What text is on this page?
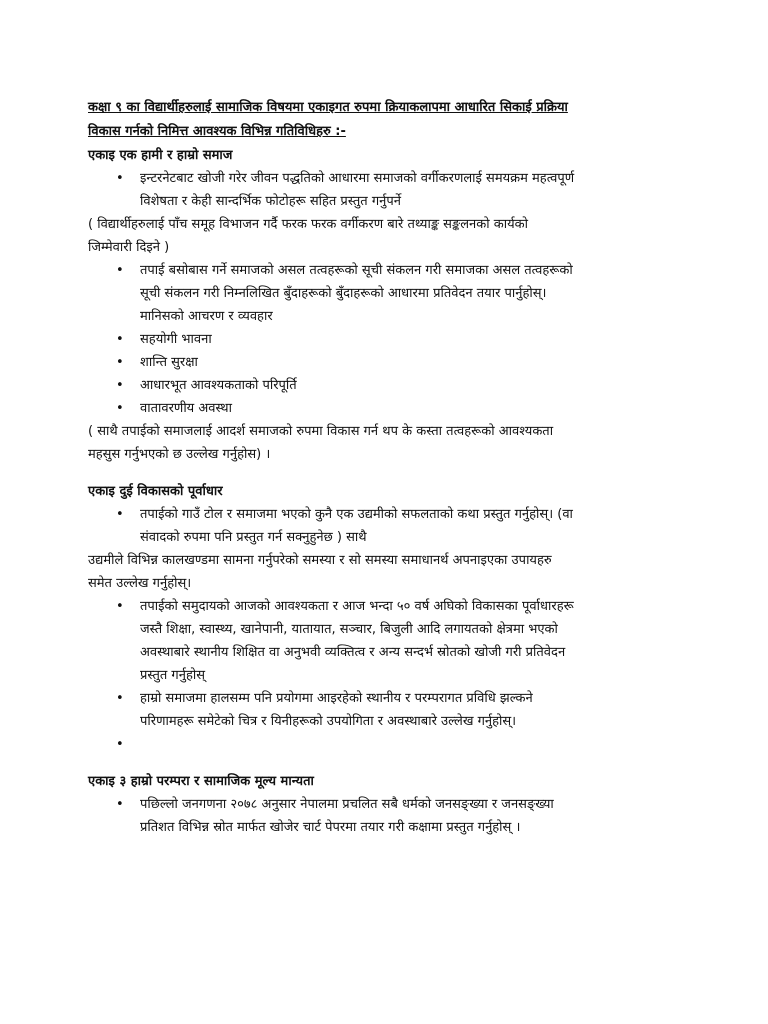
कक्षा ९ का विद्यार्थीहरुलाई सामाजिक विषयमा एकाइगत रुपमा क्रियाकलापमा आधारित सिकाई प्रक्रिया
विकास गर्नको निमित्त आवश्यक विभिन्न गतिविधिहरु :-
एकाइ एक हामी र हाम्रो समाज
• इन्टरनेटबाट खोजी गरेर जीवन पद्धतिको आधारमा समाजको वर्गीकरणलाई समयक्रम महत्वपूर्ण
विशेषता र केही सान्दर्भिक फोटोहरू सहित प्रस्तुत गर्नुपर्ने
( विद्यार्थीहरुलाई पाँच समूह विभाजन गर्दै फरक फरक वर्गीकरण बारे तथ्याङ्क सङ्कलनको कार्यको
जिम्मेवारी दिइने )
• तपाई बसोबास गर्ने समाजको असल तत्वहरूको सूची संकलन गरी समाजका असल तत्वहरूको
सूची संकलन गरी निम्नलिखित बुँदाहरूको बुँदाहरूको आधारमा प्रतिवेदन तयार पार्नुहोस्।
मानिसको आचरण र व्यवहार
• सहयोगी भावना
• शान्ति सुरक्षा
• आधारभूत आवश्यकताको परिपूर्ति
• वातावरणीय अवस्था
( साथै तपाईको समाजलाई आदर्श समाजको रुपमा विकास गर्न थप के कस्ता तत्वहरूको आवश्यकता
महसुस गर्नुभएको छ उल्लेख गर्नुहोस) ।
एकाइ दुई विकासको पूर्वाधार
• तपाईको गाउँ टोल र समाजमा भएको कुनै एक उद्यमीको सफलताको कथा प्रस्तुत गर्नुहोस्। (वा
संवादको रुपमा पनि प्रस्तुत गर्न सक्नुहुनेछ ) साथै
उद्यमीले विभिन्न कालखण्डमा सामना गर्नुपरेको समस्या र सो समस्या समाधानर्थ अपनाइएका उपायहरु
समेत उल्लेख गर्नुहोस्।
• तपाईको समुदायको आजको आवश्यकता र आज भन्दा ५० वर्ष अघिको विकासका पूर्वाधारहरू
जस्तै शिक्षा, स्वास्थ्य, खानेपानी, यातायात, सञ्चार, बिजुली आदि लगायतको क्षेत्रमा भएको
अवस्थाबारे स्थानीय शिक्षित वा अनुभवी व्यक्तित्व र अन्य सन्दर्भ स्रोतको खोजी गरी प्रतिवेदन
प्रस्तुत गर्नुहोस्
• हाम्रो समाजमा हालसम्म पनि प्रयोगमा आइरहेको स्थानीय र परम्परागत प्रविधि झल्कने
परिणामहरू समेटेको चित्र र यिनीहरूको उपयोगिता र अवस्थाबारे उल्लेख गर्नुहोस्।
•

एकाइ ३ हाम्रो परम्परा र सामाजिक मूल्य मान्यता
• पछिल्लो जनगणना २०७८ अनुसार नेपालमा प्रचलित सबै धर्मको जनसङ्ख्या र जनसङ्ख्या
प्रतिशत विभिन्न स्रोत मार्फत खोजेर चार्ट पेपरमा तयार गरी कक्षामा प्रस्तुत गर्नुहोस् ।
